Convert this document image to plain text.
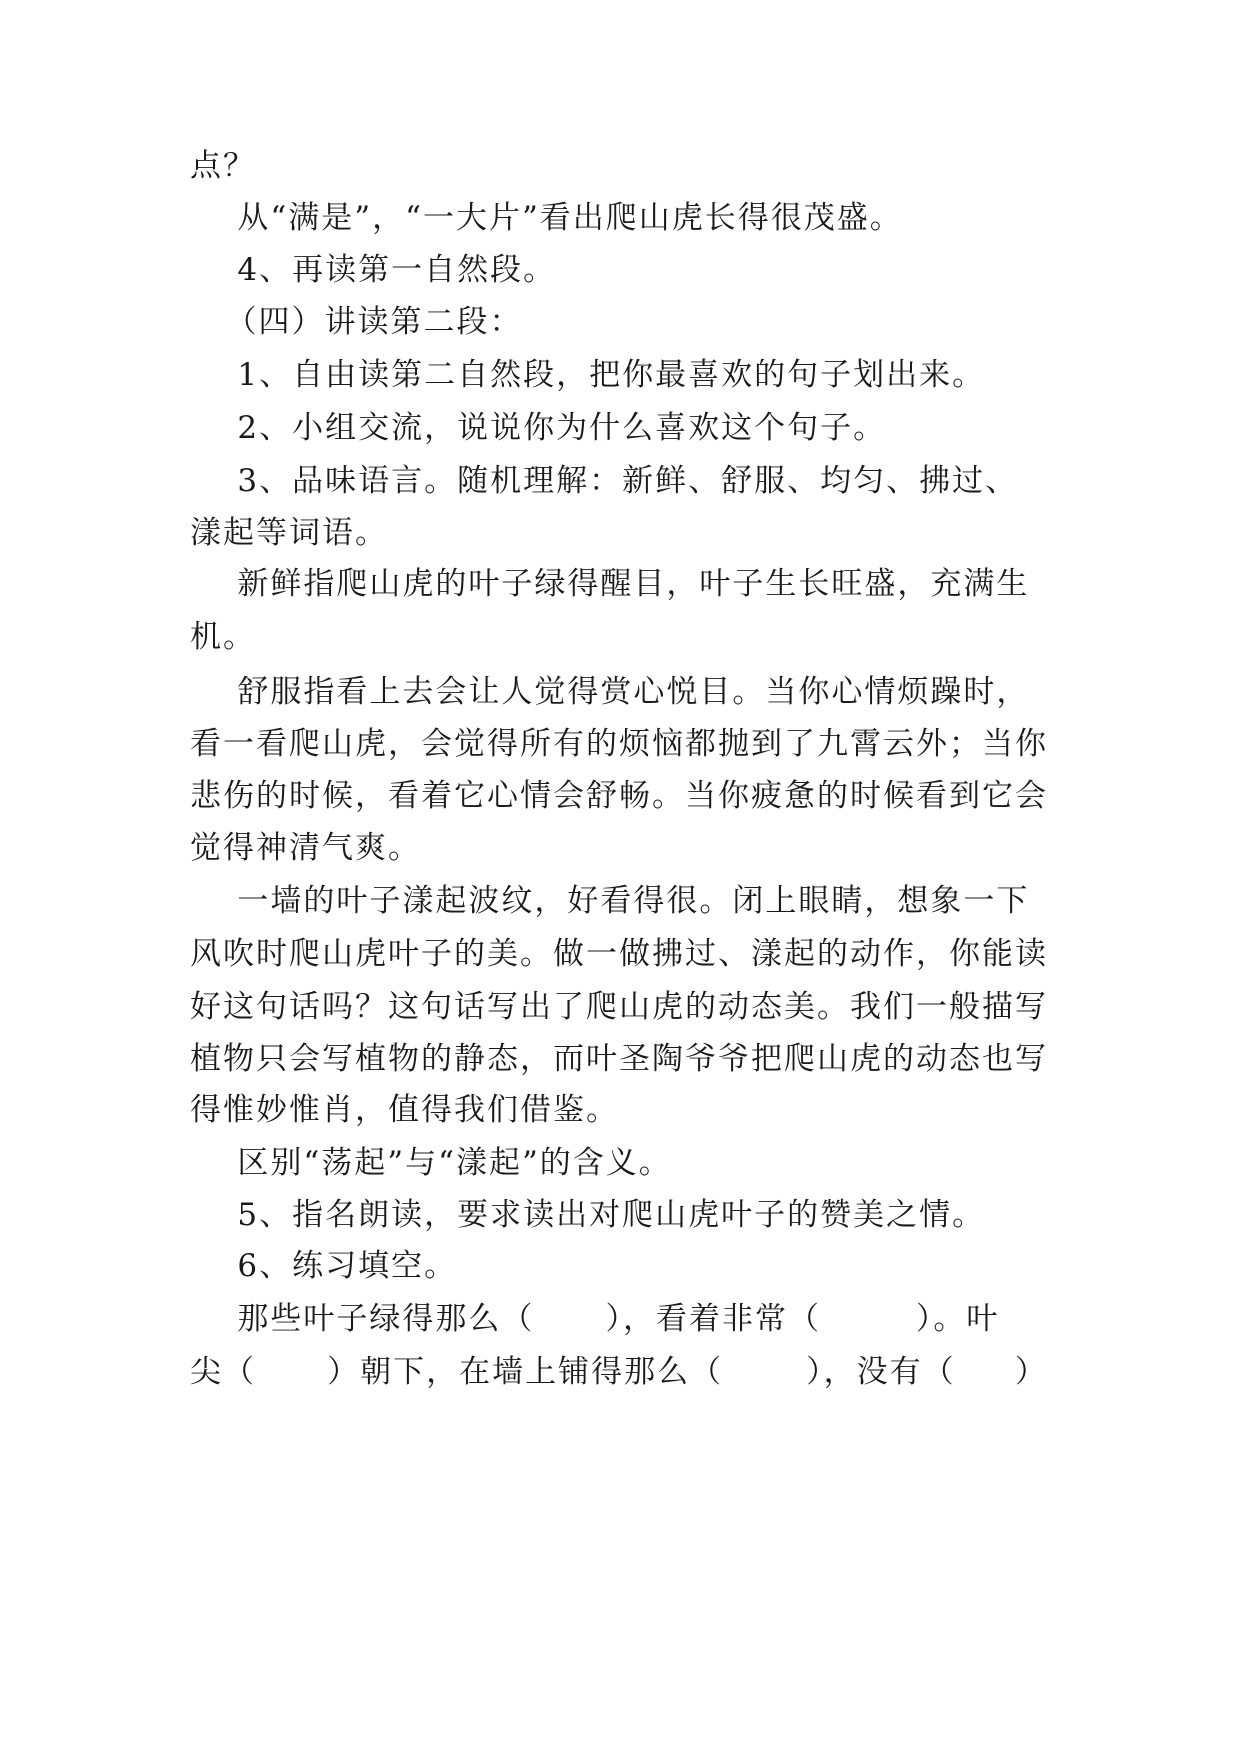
点？
从“满是”，“一大片”看出爬山虎长得很茂盛。
4、再读第一自然段。
（四）讲读第二段：
1、自由读第二自然段，把你最喜欢的句子划出来。
2、小组交流，说说你为什么喜欢这个句子。
3、品味语言。随机理解：新鲜、舒服、均匀、拂过、
漾起等词语。
新鲜指爬山虎的叶子绿得醒目，叶子生长旺盛，充满生
机。
舒服指看上去会让人觉得赏心悦目。当你心情烦躁时，
看一看爬山虎，会觉得所有的烦恼都抛到了九霄云外；当你
悲伤的时候，看着它心情会舒畅。当你疲惫的时候看到它会
觉得神清气爽。
一墙的叶子漾起波纹，好看得很。闭上眼睛，想象一下
风吹时爬山虎叶子的美。做一做拂过、漾起的动作，你能读
好这句话吗？这句话写出了爬山虎的动态美。我们一般描写
植物只会写植物的静态，而叶圣陶爷爷把爬山虎的动态也写
得惟妙惟肖，值得我们借鉴。
区别“荡起”与“漾起”的含义。
5、指名朗读，要求读出对爬山虎叶子的赞美之情。
6、练习填空。
那些叶子绿得那么（      ），看着非常（        ）。叶
尖（      ）朝下，在墙上铺得那么（       ），没有（     ）
